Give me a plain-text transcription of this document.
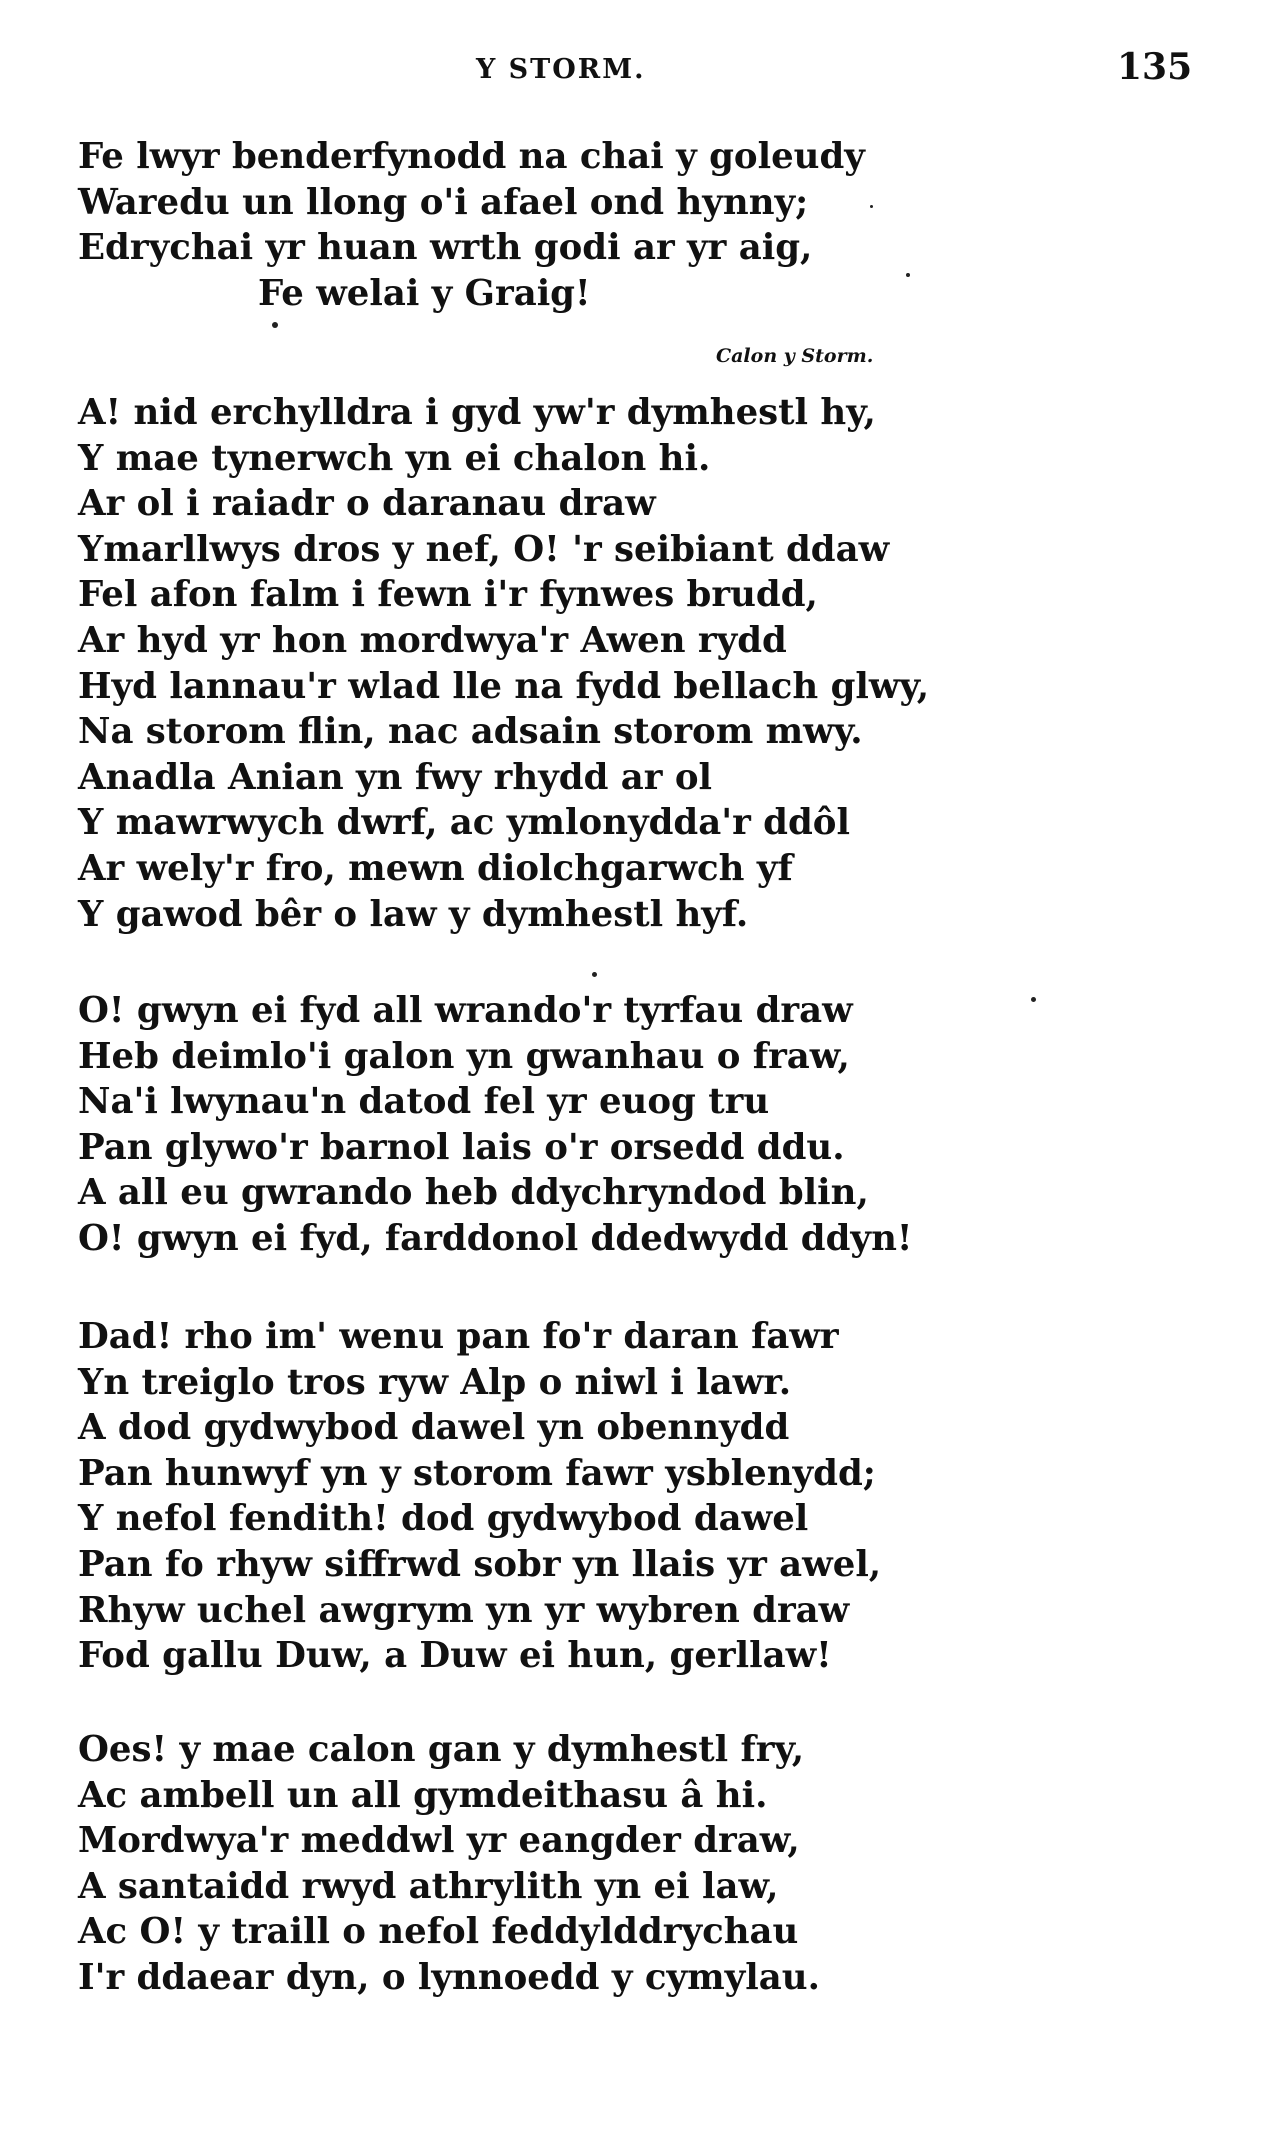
Y STORM.	135
Fe lwyr benderfynodd na chai y goleudy
Waredu un llong o'i afael ond hynny;
Edrychai yr huan wrth godi ar yr aig,
Fe welai y Graig!
Calon y Storm.
A! nid erchylldra i gyd yw'r dymhestl hy,
Y mae tynerwch yn ei chalon hi.
Ar ol i raiadr o daranau draw
Ymarllwys dros y nef, O! 'r seibiant ddaw
Fel afon falm i fewn i'r fynwes brudd,
Ar hyd yr hon mordwya'r Awen rydd
Hyd lannau'r wlad lle na fydd bellach glwy,
Na storom flin, nac adsain storom mwy.
Anadla Anian yn fwy rhydd ar ol
Y mawrwych dwrf, ac ymlonydda'r ddôl
Ar wely'r fro, mewn diolchgarwch yf
Y gawod bêr o law y dymhestl hyf.
O! gwyn ei fyd all wrando'r tyrfau draw
Heb deimlo'i galon yn gwanhau o fraw,
Na'i lwynau'n datod fel yr euog tru
Pan glywo'r barnol lais o'r orsedd ddu.
A all eu gwrando heb ddychryndod blin,
O! gwyn ei fyd, farddonol ddedwydd ddyn!
Dad! rho im' wenu pan fo'r daran fawr
Yn treiglo tros ryw Alp o niwl i lawr.
A dod gydwybod dawel yn obennydd
Pan hunwyf yn y storom fawr ysblenydd;
Y nefol fendith! dod gydwybod dawel
Pan fo rhyw siffrwd sobr yn llais yr awel,
Rhyw uchel awgrym yn yr wybren draw
Fod gallu Duw, a Duw ei hun, gerllaw!
Oes! y mae calon gan y dymhestl fry,
Ac ambell un all gymdeithasu â hi.
Mordwya'r meddwl yr eangder draw,
A santaidd rwyd athrylith yn ei law,
Ac O! y traill o nefol feddylddrychau
I'r ddaear dyn, o lynnoedd y cymylau.
